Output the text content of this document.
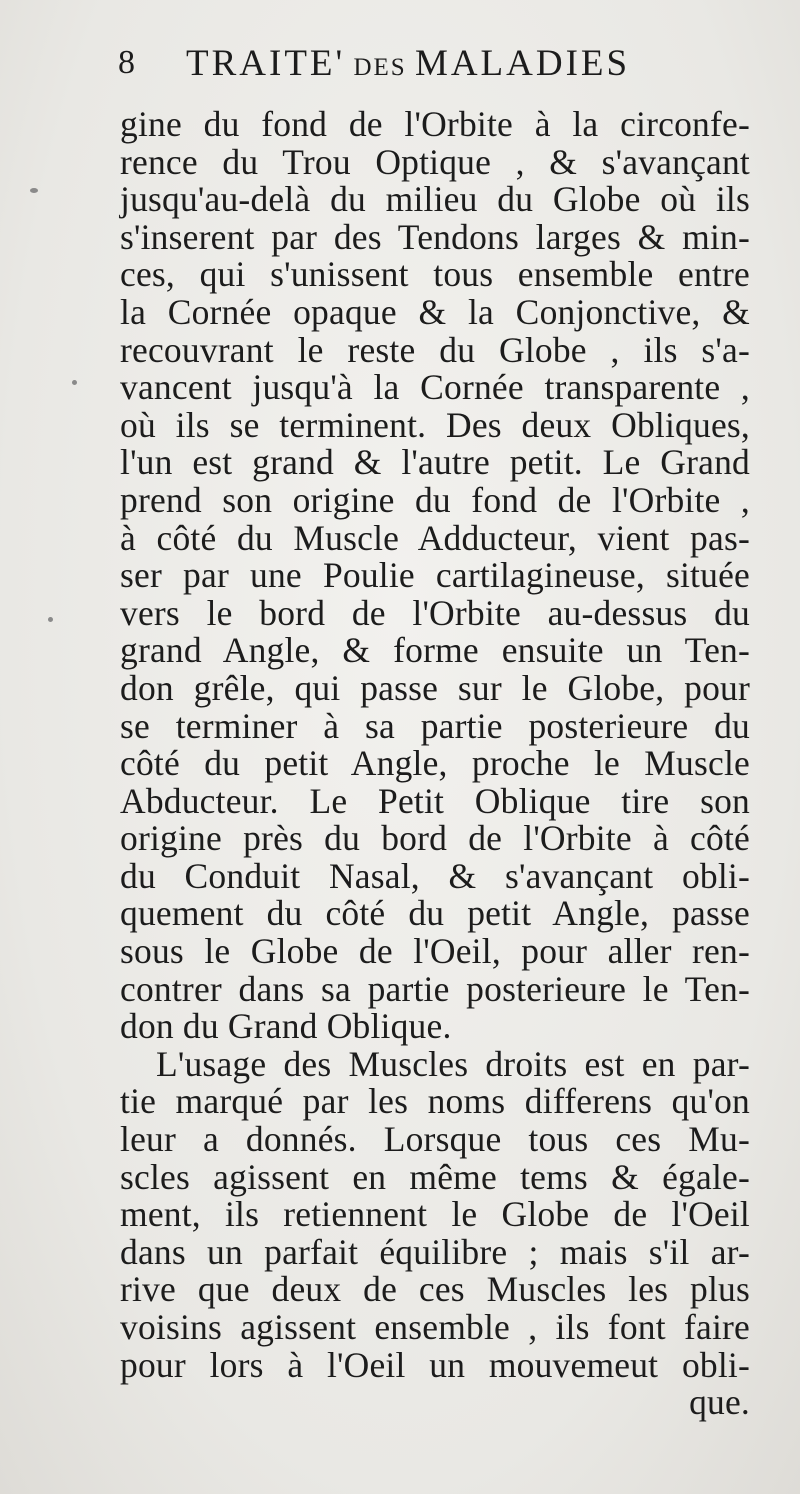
8 TRAITE' DES MALADIES
gine du fond de l'Orbite à la circonfe-
rence du Trou Optique , & s'avançant
jusqu'au-delà du milieu du Globe où ils
s'inserent par des Tendons larges & min-
ces, qui s'unissent tous ensemble entre
la Cornée opaque & la Conjonctive, &
recouvrant le reste du Globe , ils s'a-
vancent jusqu'à la Cornée transparente ,
où ils se terminent. Des deux Obliques,
l'un est grand & l'autre petit. Le Grand
prend son origine du fond de l'Orbite ,
à côté du Muscle Adducteur, vient pas-
ser par une Poulie cartilagineuse, située
vers le bord de l'Orbite au-dessus du
grand Angle, & forme ensuite un Ten-
don grêle, qui passe sur le Globe, pour
se terminer à sa partie posterieure du
côté du petit Angle, proche le Muscle
Abducteur. Le Petit Oblique tire son
origine près du bord de l'Orbite à côté
du Conduit Nasal, & s'avançant obli-
quement du côté du petit Angle, passe
sous le Globe de l'Oeil, pour aller ren-
contrer dans sa partie posterieure le Ten-
don du Grand Oblique.
L'usage des Muscles droits est en par-
tie marqué par les noms differens qu'on
leur a donnés. Lorsque tous ces Mu-
scles agissent en même tems & égale-
ment, ils retiennent le Globe de l'Oeil
dans un parfait équilibre ; mais s'il ar-
rive que deux de ces Muscles les plus
voisins agissent ensemble , ils font faire
pour lors à l'Oeil un mouvemeut obli-
que.
